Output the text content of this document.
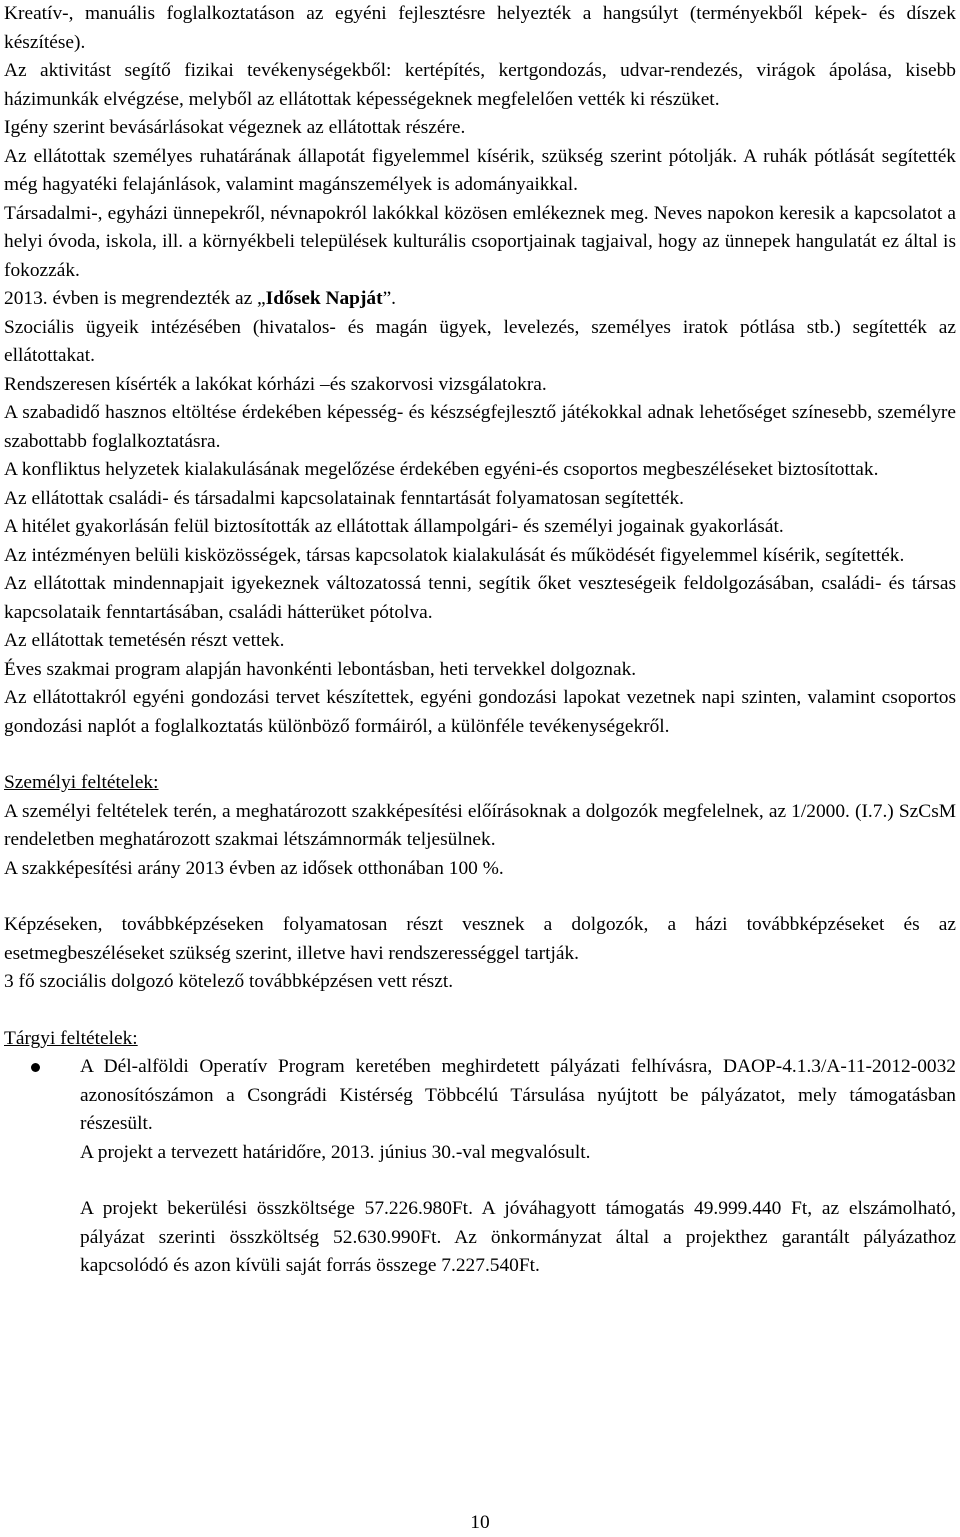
Kreatív-, manuális foglalkoztatáson az egyéni fejlesztésre helyezték a hangsúlyt (terményekből képek- és díszek készítése).

Az aktivitást segítő fizikai tevékenységekből: kertépítés, kertgondozás, udvar-rendezés, virágok ápolása, kisebb házimunkák elvégzése, melyből az ellátottak képességeknek megfelelően vették ki részüket.

Igény szerint bevásárlásokat végeznek az ellátottak részére.

Az ellátottak személyes ruhatárának állapotát figyelemmel kísérik, szükség szerint pótolják. A ruhák pótlását segítették még hagyatéki felajánlások, valamint magánszemélyek is adományaikkal.

Társadalmi-, egyházi ünnepekről, névnapokról lakókkal közösen emlékeznek meg. Neves napokon keresik a kapcsolatot a helyi óvoda, iskola, ill. a környékbeli települések kulturális csoportjainak tagjaival, hogy az ünnepek hangulatát ez által is fokozzák.

2013. évben is megrendezték az „Idősek Napját”.

Szociális ügyeik intézésében (hivatalos- és magán ügyek, levelezés, személyes iratok pótlása stb.) segítették az ellátottakat.

Rendszeresen kísérték a lakókat kórházi –és szakorvosi vizsgálatokra.

A szabadidő hasznos eltöltése érdekében képesség- és készségfejlesztő játékokkal adnak lehetőséget színesebb, személyre szabottabb foglalkoztatásra.

A konfliktus helyzetek kialakulásának megelőzése érdekében egyéni-és csoportos megbeszéléseket biztosítottak.

Az ellátottak családi- és társadalmi kapcsolatainak fenntartását folyamatosan segítették.

A hitélet gyakorlásán felül biztosították az ellátottak állampolgári- és személyi jogainak gyakorlását.

Az intézményen belüli kisközösségek, társas kapcsolatok kialakulását és működését figyelemmel kísérik, segítették.

Az ellátottak mindennapjait igyekeznek változatossá tenni, segítik őket veszteségeik feldolgozásában, családi- és társas kapcsolataik fenntartásában, családi hátterüket pótolva.

Az ellátottak temetésén részt vettek.

Éves szakmai program alapján havonkénti lebontásban, heti tervekkel dolgoznak.

Az ellátottakról egyéni gondozási tervet készítettek, egyéni gondozási lapokat vezetnek napi szinten, valamint csoportos gondozási naplót a foglalkoztatás különböző formáiról, a különféle tevékenységekről.

Személyi feltételek:

A személyi feltételek terén, a meghatározott szakképesítési előírásoknak a dolgozók megfelelnek, az 1/2000. (I.7.) SzCsM rendeletben meghatározott szakmai létszámnormák teljesülnek.

A szakképesítési arány 2013 évben az idősek otthonában 100 %.

Képzéseken, továbbképzéseken folyamatosan részt vesznek a dolgozók, a házi továbbképzéseket és az esetmegbeszéléseket szükség szerint, illetve havi rendszerességgel tartják.

3 fő szociális dolgozó kötelező továbbképzésen vett részt.

Tárgyi feltételek:

A Dél-alföldi Operatív Program keretében meghirdetett pályázati felhívásra, DAOP-4.1.3/A-11-2012-0032 azonosítószámon a Csongrádi Kistérség Többcélú Társulása nyújtott be pályázatot, mely támogatásban részesült.

A projekt a tervezett határidőre, 2013. június 30.-val megvalósult.

A projekt bekerülési összköltsége 57.226.980Ft. A jóváhagyott támogatás 49.999.440 Ft, az elszámolható, pályázat szerinti összköltség 52.630.990Ft. Az önkormányzat által a projekthez garantált pályázathoz kapcsolódó és azon kívüli saját forrás összege 7.227.540Ft.

10
